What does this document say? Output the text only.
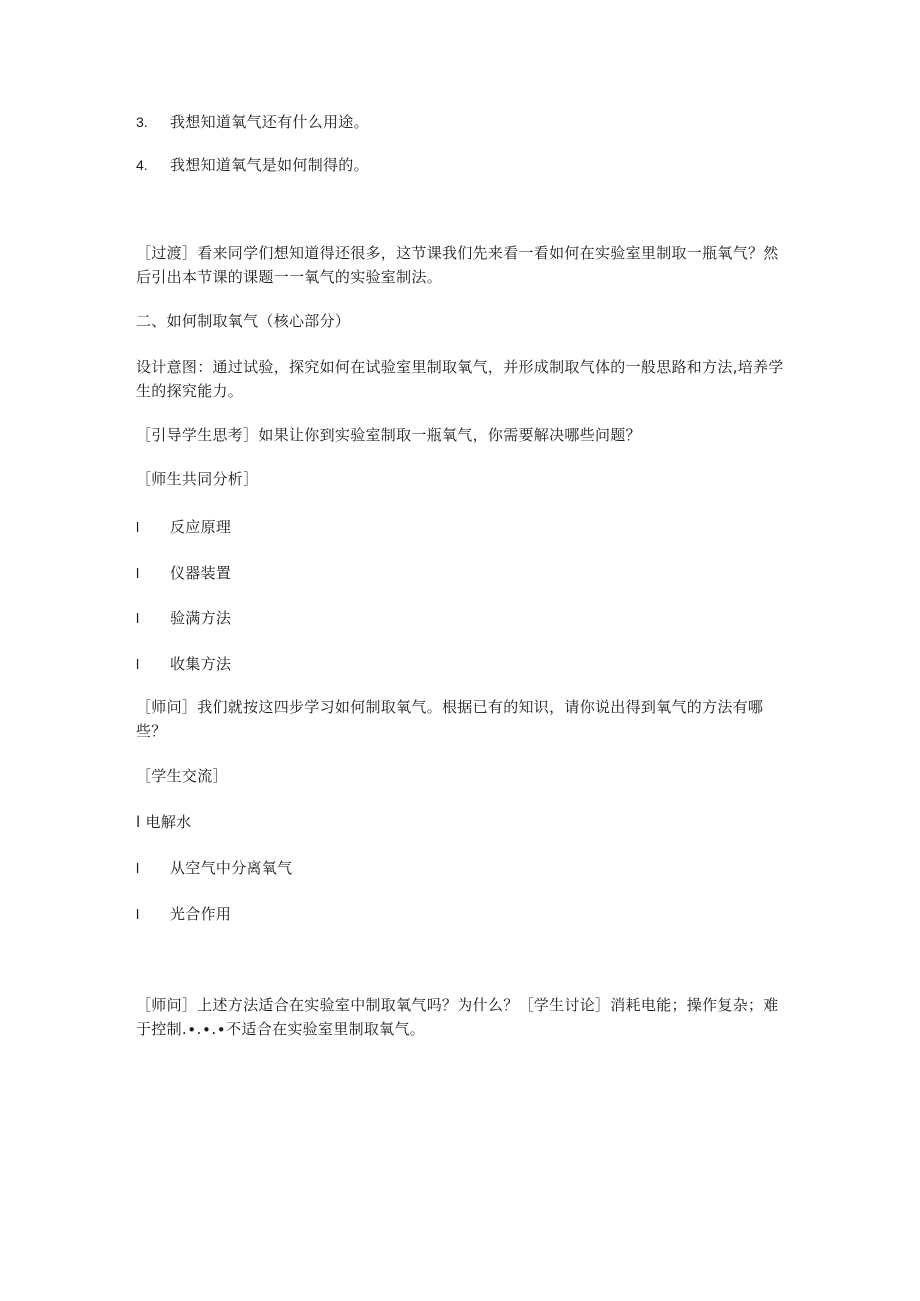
3. 我想知道氧气还有什么用途。
4. 我想知道氧气是如何制得的。
［过渡］看来同学们想知道得还很多，这节课我们先来看一看如何在实验室里制取一瓶氧气？然后引出本节课的课题一一氧气的实验室制法。
二、如何制取氧气（核心部分）
设计意图：通过试验，探究如何在试验室里制取氧气，并形成制取气体的一般思路和方法,培养学生的探究能力。
［引导学生思考］如果让你到实验室制取一瓶氧气，你需要解决哪些问题？
［师生共同分析］
l 反应原理
l 仪器装置
l 验满方法
l 收集方法
［师问］我们就按这四步学习如何制取氧气。根据已有的知识，请你说出得到氧气的方法有哪些？
［学生交流］
l 电解水
l 从空气中分离氧气
l 光合作用
［师问］上述方法适合在实验室中制取氧气吗？为什么？［学生讨论］消耗电能；操作复杂；难于控制.∙.∙.∙不适合在实验室里制取氧气。
